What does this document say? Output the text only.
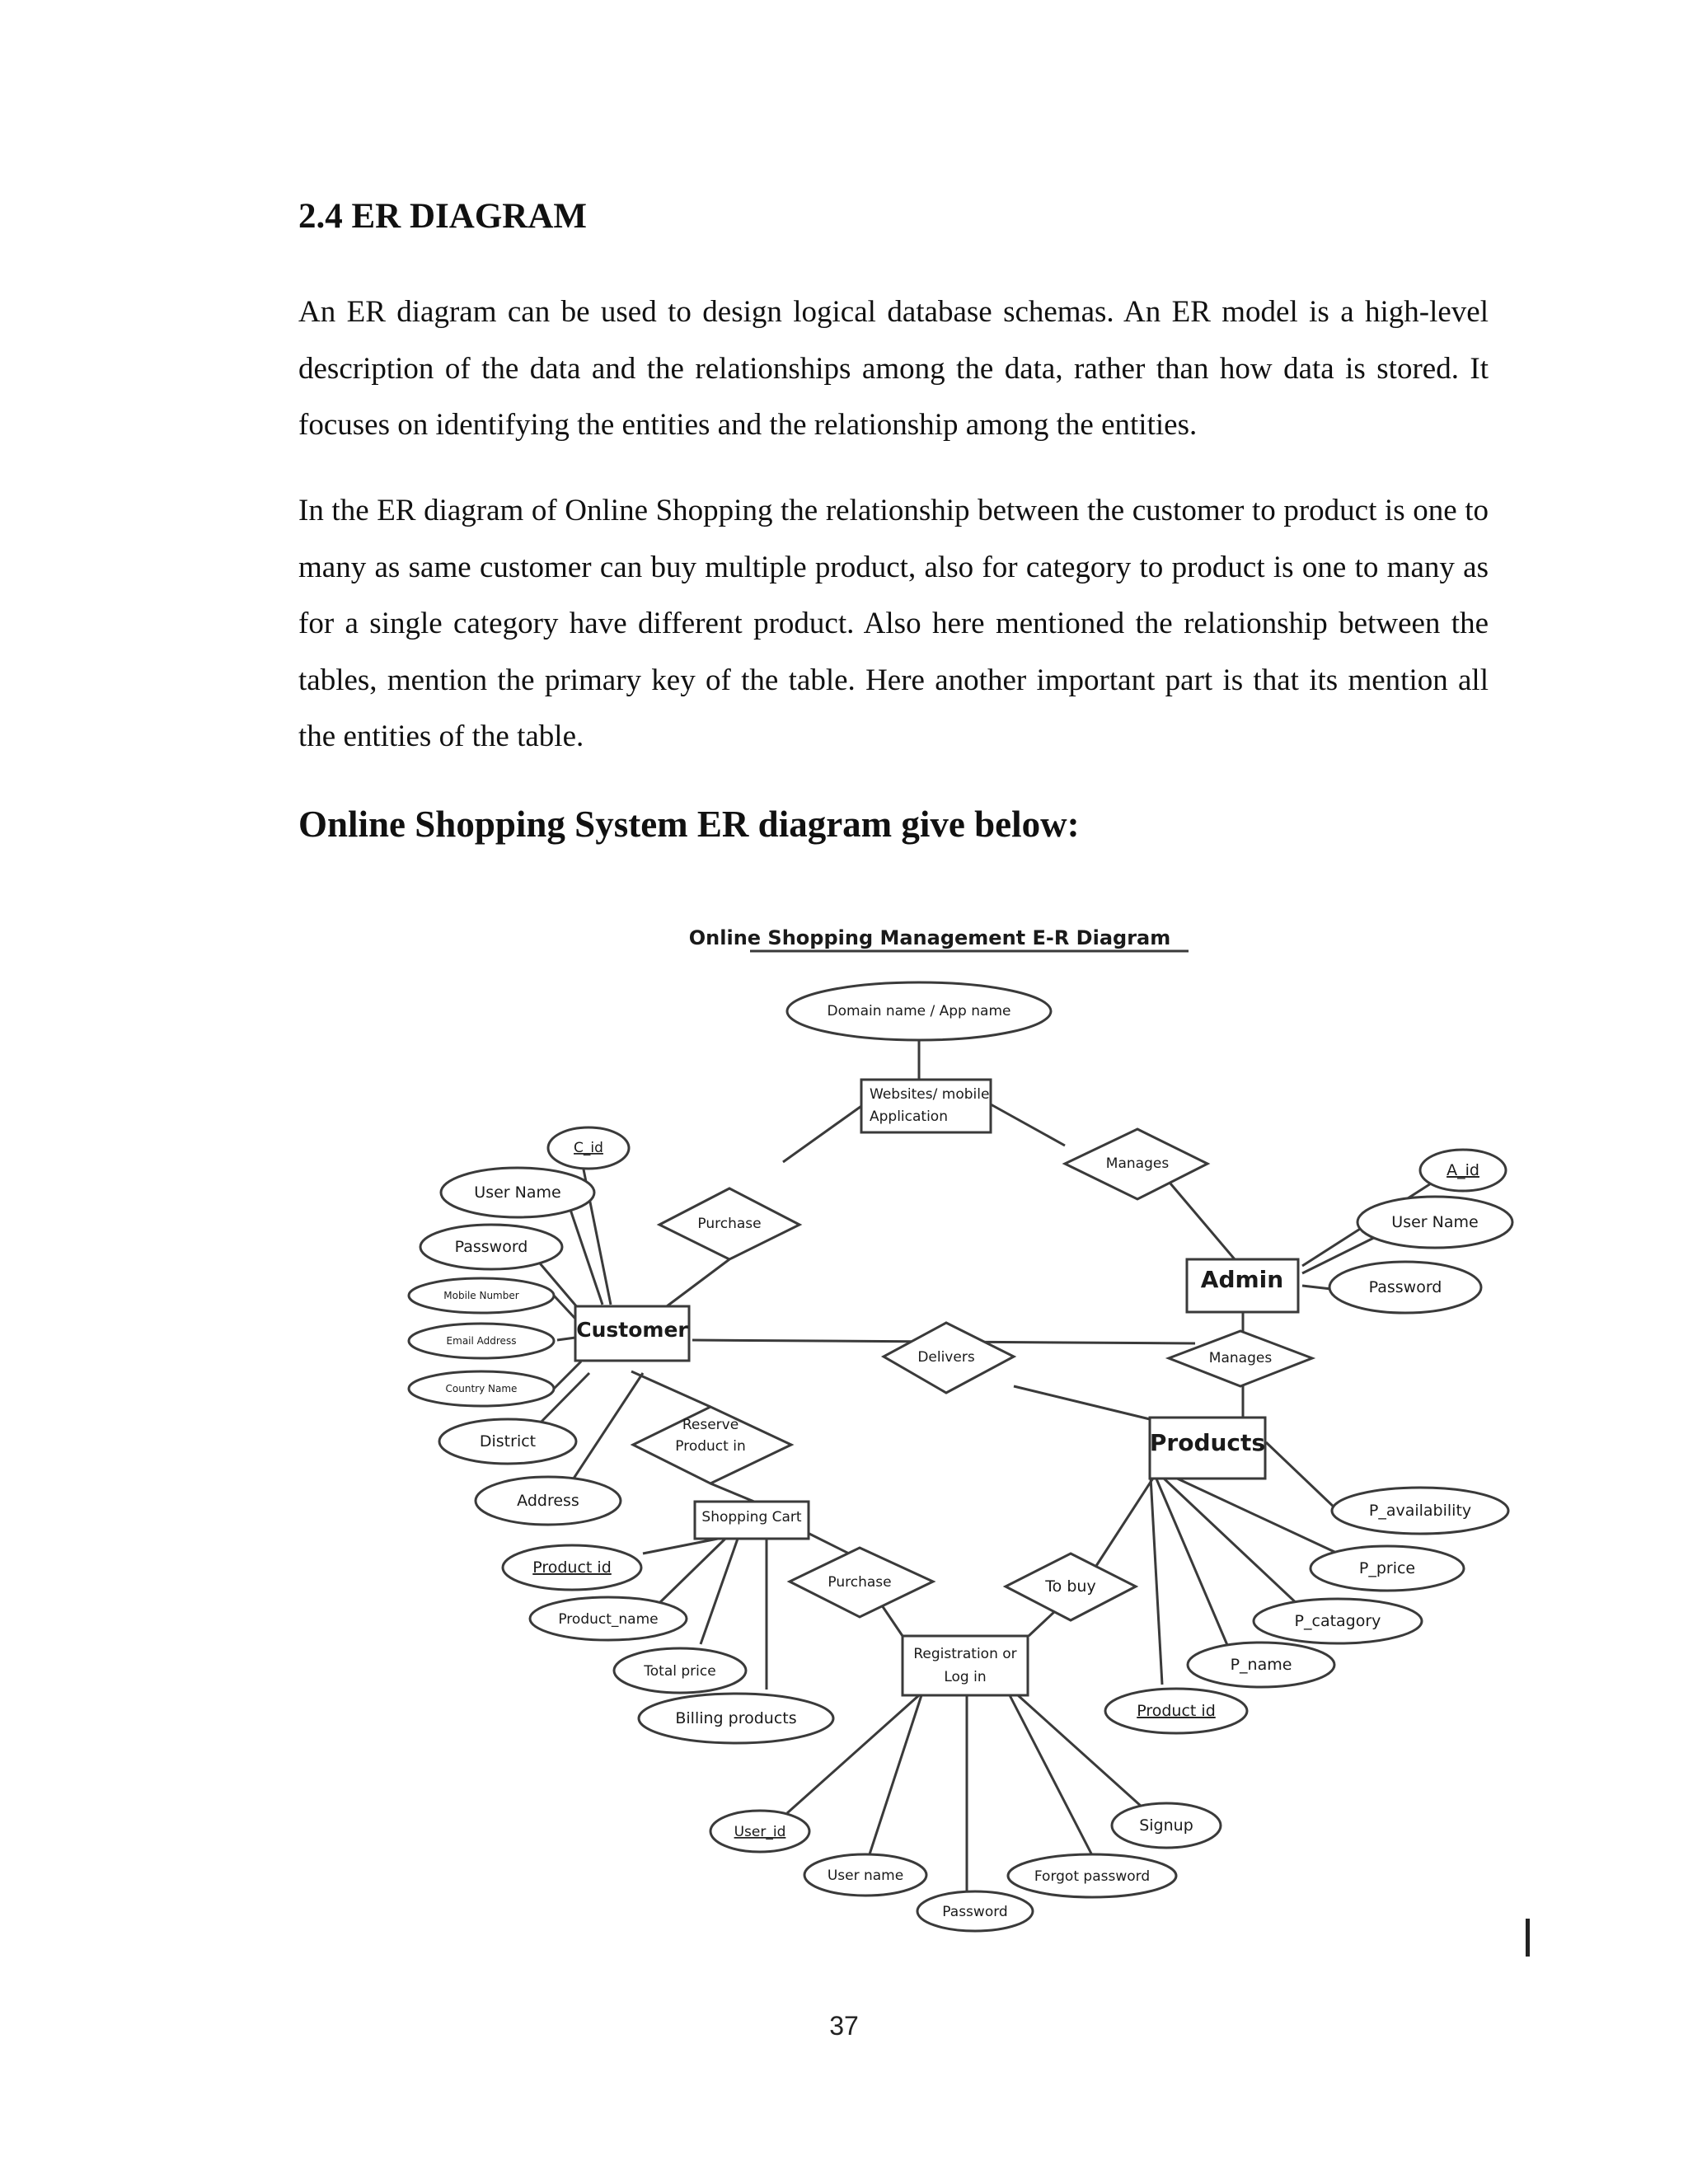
2.4 ER DIAGRAM

An ER diagram can be used to design logical database schemas. An ER model is a high-level description of the data and the relationships among the data, rather than how data is stored. It focuses on identifying the entities and the relationship among the entities.

In the ER diagram of Online Shopping the relationship between the customer to product is one to many as same customer can buy multiple product, also for category to product is one to many as for a single category have different product. Also here mentioned the relationship between the tables, mention the primary key of the table. Here another important part is that its mention all the entities of the table.

Online Shopping System ER diagram give below:
Online Shopping Management E-R Diagram
Websites/ mobile
Application
Customer
Admin
Products
Shopping Cart
Registration or
Log in
Purchase
Manages
Delivers	Manages
Reserve
Product in
Purchase	To buy
Domain name / App name
C_id
User Name
Password
Mobile Number
Email Address
Country Name
District
Address
A_id
User Name
Password
P_availability
P_price
P_catagory
P_name
Product id
Product id
Product_name
Total price
Billing products
User_id
User name
Password
Forgot password
Signup
37
